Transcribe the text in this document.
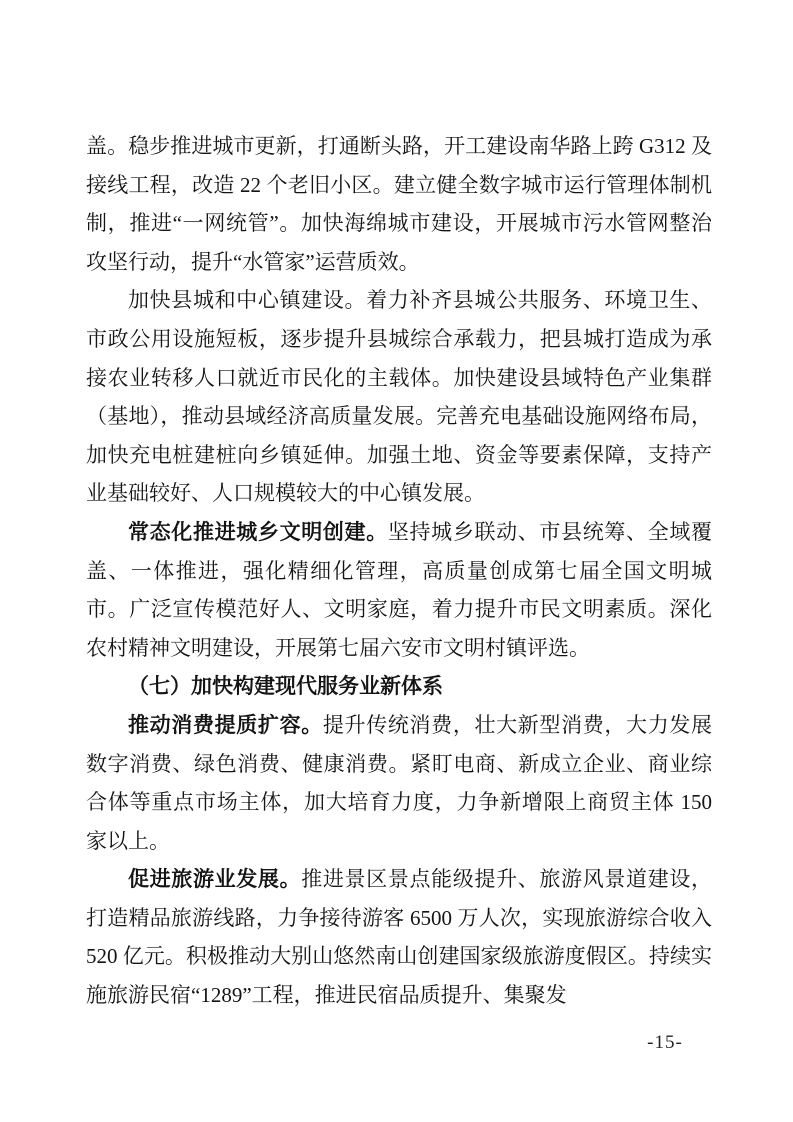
盖。稳步推进城市更新，打通断头路，开工建设南华路上跨 G312 及接线工程，改造 22 个老旧小区。建立健全数字城市运行管理体制机制，推进“一网统管”。加快海绵城市建设，开展城市污水管网整治攻坚行动，提升“水管家”运营质效。

加快县城和中心镇建设。着力补齐县城公共服务、环境卫生、市政公用设施短板，逐步提升县城综合承载力，把县城打造成为承接农业转移人口就近市民化的主载体。加快建设县域特色产业集群（基地），推动县域经济高质量发展。完善充电基础设施网络布局，加快充电桩建桩向乡镇延伸。加强土地、资金等要素保障，支持产业基础较好、人口规模较大的中心镇发展。

常态化推进城乡文明创建。坚持城乡联动、市县统筹、全域覆盖、一体推进，强化精细化管理，高质量创成第七届全国文明城市。广泛宣传模范好人、文明家庭，着力提升市民文明素质。深化农村精神文明建设，开展第七届六安市文明村镇评选。

（七）加快构建现代服务业新体系

推动消费提质扩容。提升传统消费，壮大新型消费，大力发展数字消费、绿色消费、健康消费。紧盯电商、新成立企业、商业综合体等重点市场主体，加大培育力度，力争新增限上商贸主体 150 家以上。

促进旅游业发展。推进景区景点能级提升、旅游风景道建设，打造精品旅游线路，力争接待游客 6500 万人次，实现旅游综合收入 520 亿元。积极推动大别山悠然南山创建国家级旅游度假区。持续实施旅游民宿“1289”工程，推进民宿品质提升、集聚发

-15-
